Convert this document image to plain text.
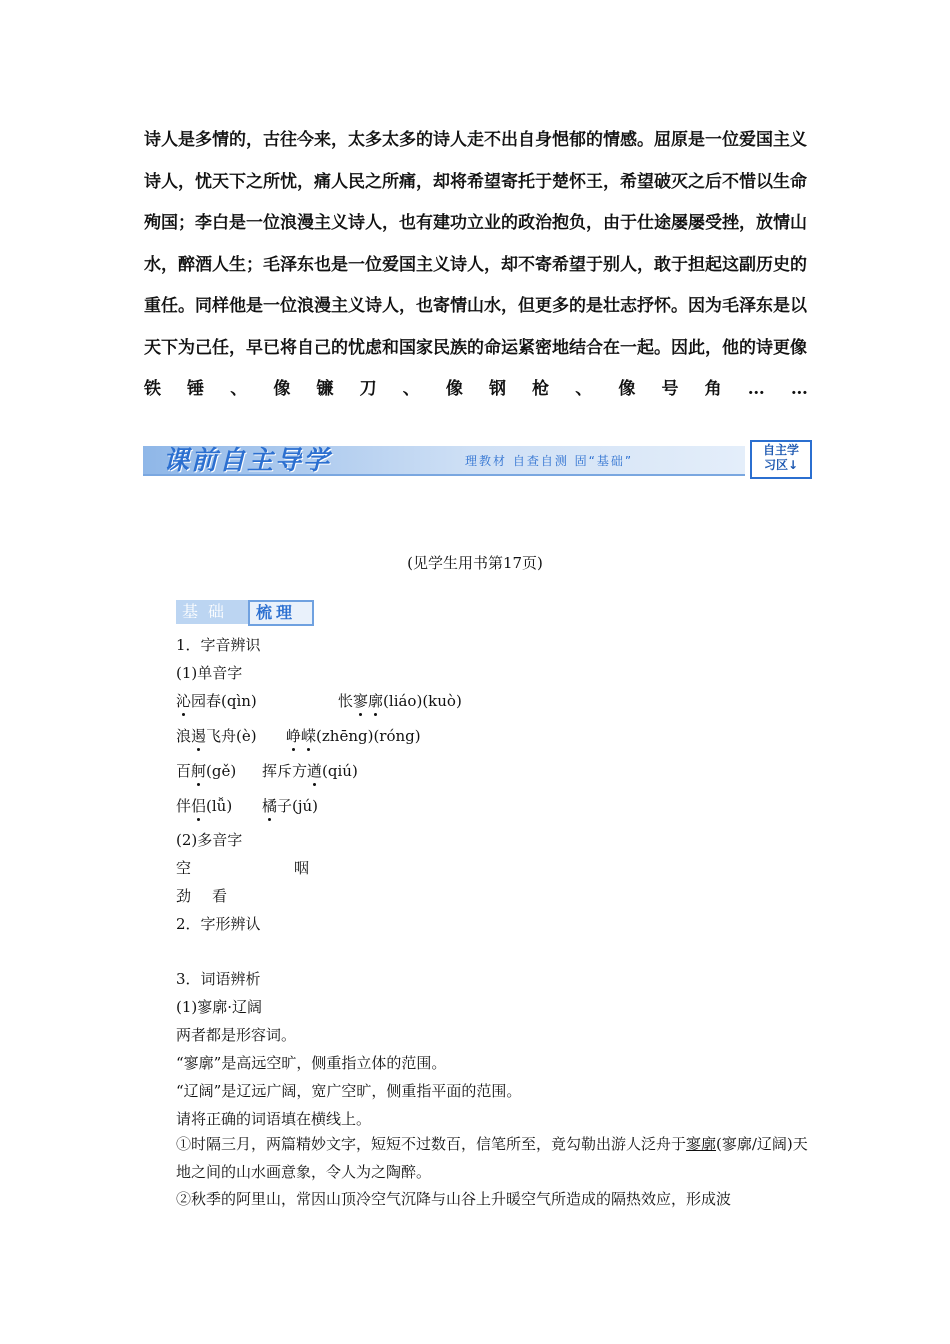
诗人是多情的，古往今来，太多太多的诗人走不出自身悒郁的情感。屈原是一位爱国主义

诗人，忧天下之所忧，痛人民之所痛，却将希望寄托于楚怀王，希望破灭之后不惜以生命

殉国；李白是一位浪漫主义诗人，也有建功立业的政治抱负，由于仕途屡屡受挫，放情山

水，醉酒人生；毛泽东也是一位爱国主义诗人，却不寄希望于别人，敢于担起这副历史的

重任。同样他是一位浪漫主义诗人，也寄情山水，但更多的是壮志抒怀。因为毛泽东是以

天下为己任，早已将自己的忧虑和国家民族的命运紧密地结合在一起。因此，他的诗更像

铁 锤 、 像 镰 刀 、 像 钢 枪 、 像 号 角 … …

课前自主导学	理教材 自查自测 固“基础”
自主学
习区↓
(见学生用书第17页)
基础	梳理
1．字音辨识
(1)单音字
沁园春(qìn)	怅寥廓(liáo)(kuò)
浪遏飞舟(è) 峥嵘(zhēng)(róng)
百舸(gě) 挥斥方遒(qiú)
伴侣(lǚ) 橘子(jú)
(2)多音字
空	咽
劲 看
2．字形辨认
3．词语辨析
(1)寥廓·辽阔
两者都是形容词。
“寥廓”是高远空旷，侧重指立体的范围。
“辽阔”是辽远广阔，宽广空旷，侧重指平面的范围。
请将正确的词语填在横线上。
①时隔三月，两篇精妙文字，短短不过数百，信笔所至，竟勾勒出游人泛舟于寥廓(寥廓/辽阔)天地之间的山水画意象，令人为之陶醉。
②秋季的阿里山，常因山顶冷空气沉降与山谷上升暖空气所造成的隔热效应，形成波
